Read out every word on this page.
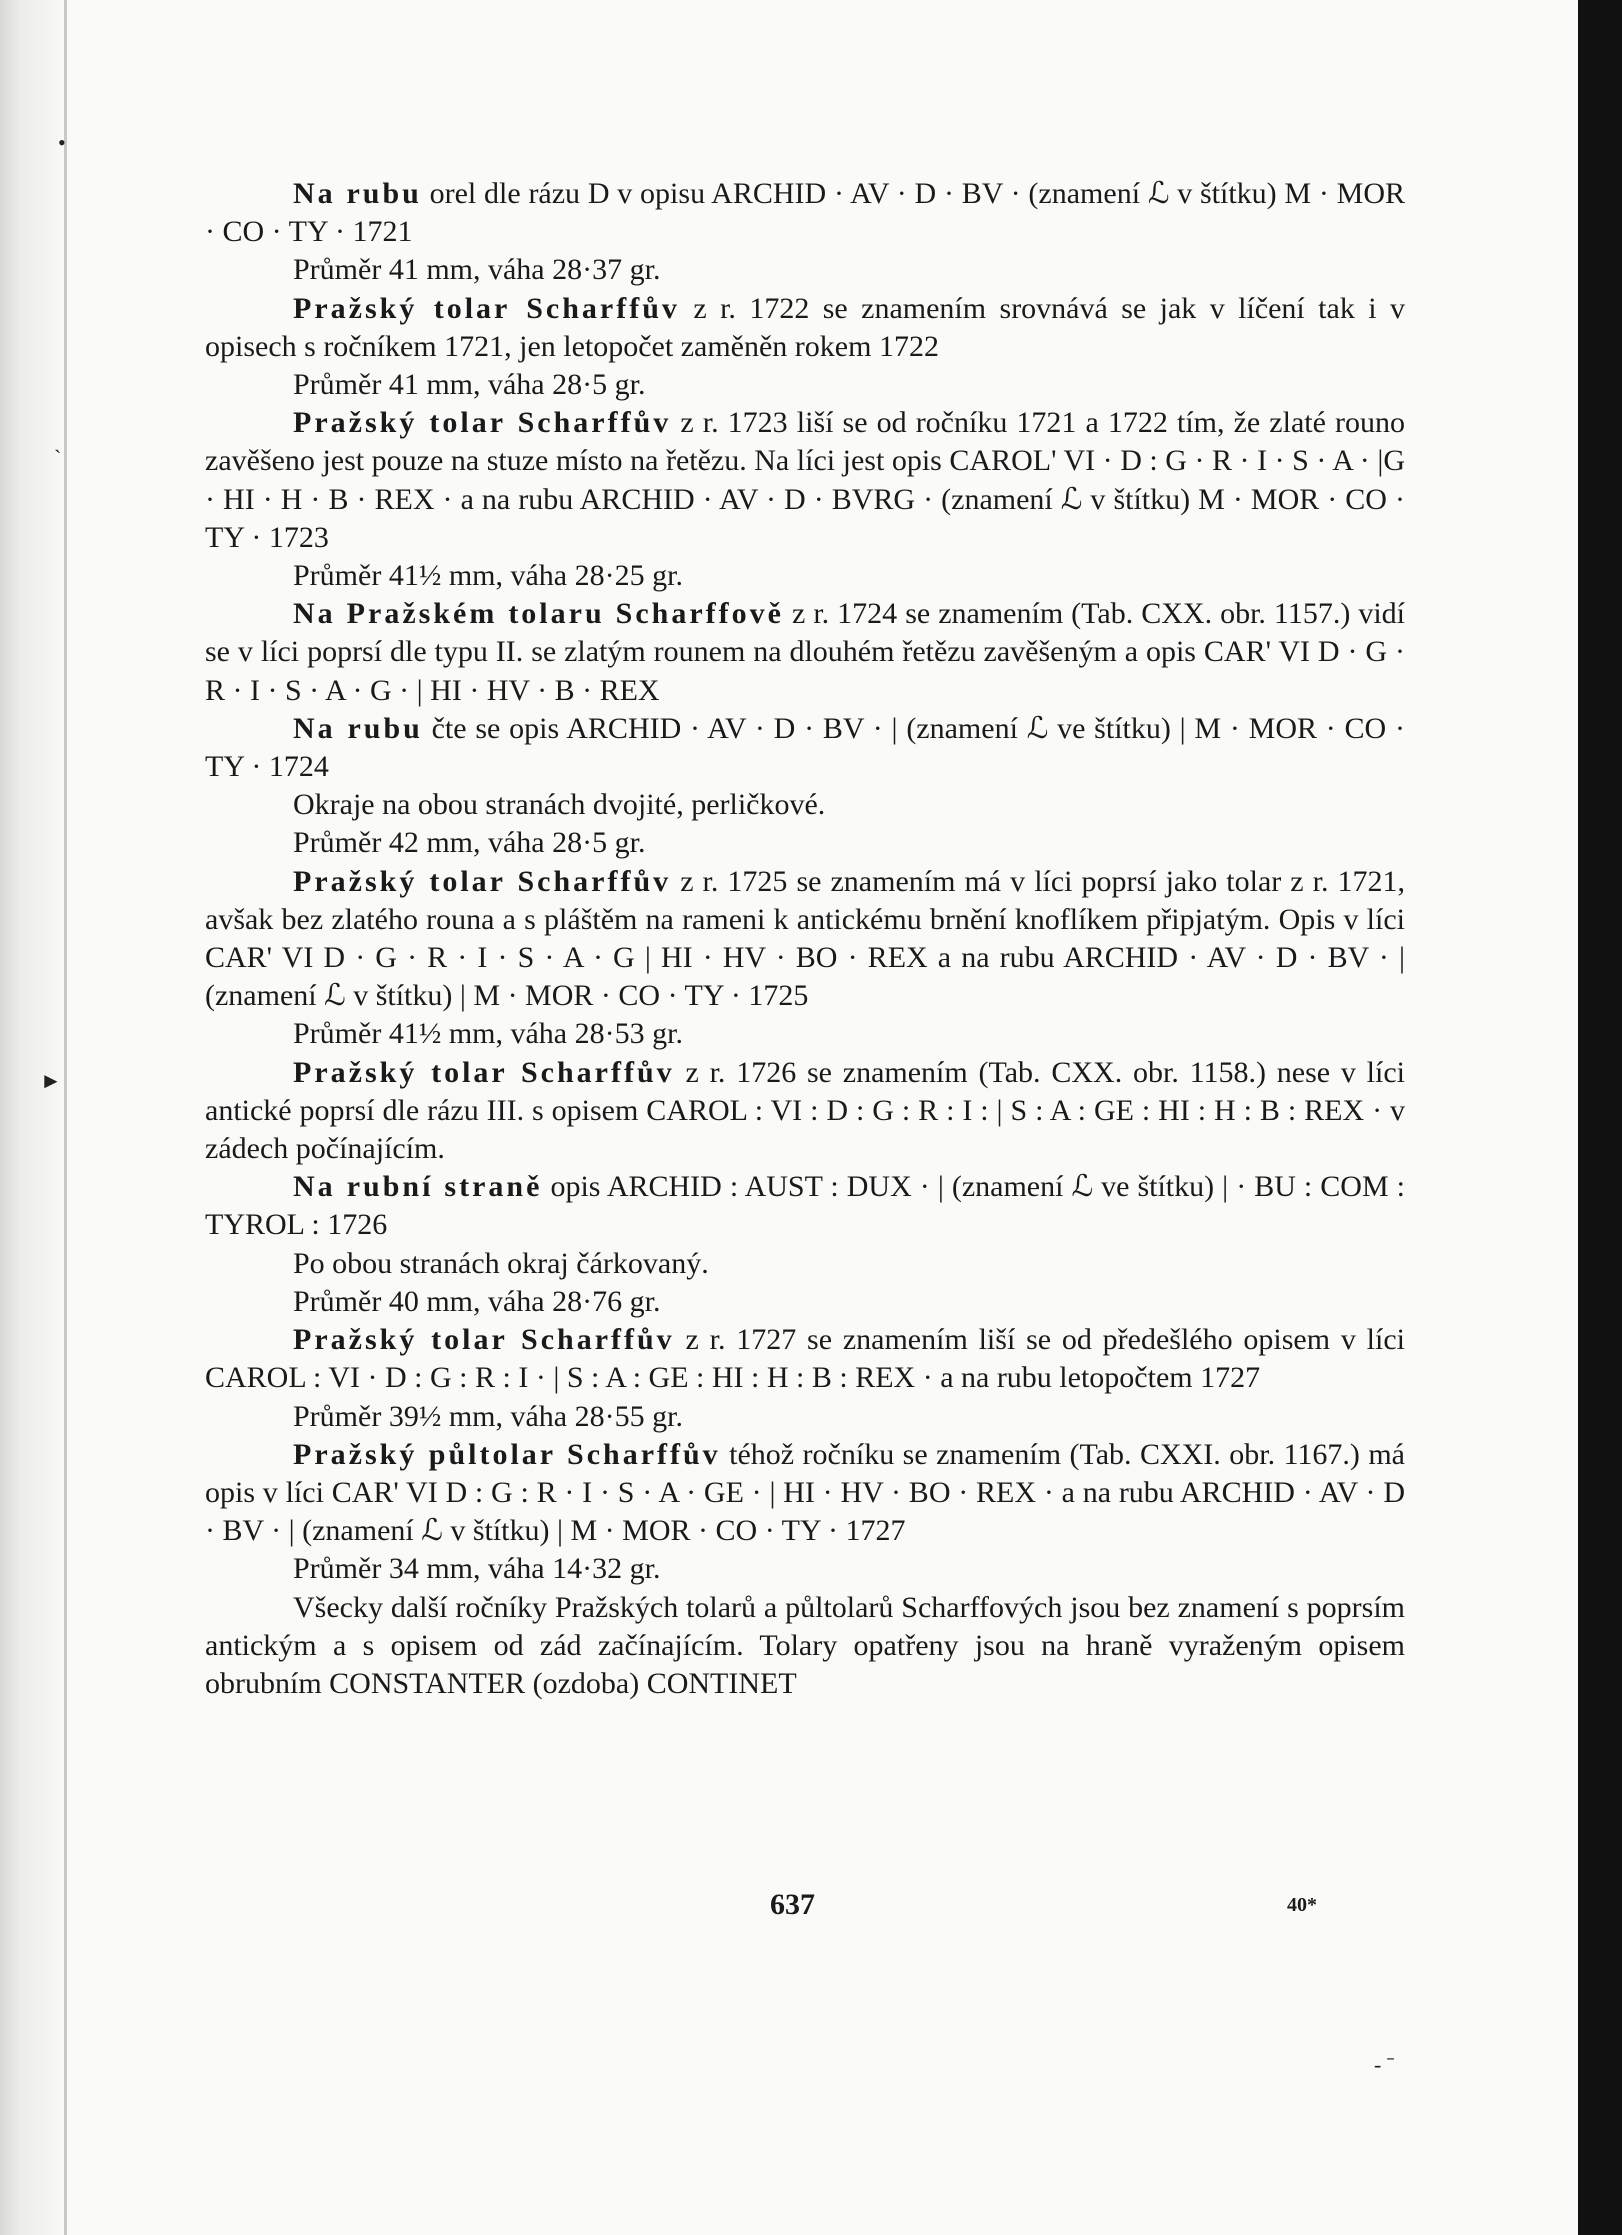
•
ˎ
►
- ˉ

Na rubu orel dle rázu D v opisu ARCHID · AV · D · BV · (znamení ℒ v štítku) M · MOR · CO · TY · 1721

Průměr 41 mm, váha 28·37 gr.

Pražský tolar Scharffův z r. 1722 se znamením srovnává se jak v líčení tak i v opisech s ročníkem 1721, jen letopočet zaměněn rokem 1722

Průměr 41 mm, váha 28·5 gr.

Pražský tolar Scharffův z r. 1723 liší se od ročníku 1721 a 1722 tím, že zlaté rouno zavěšeno jest pouze na stuze místo na řetězu. Na líci jest opis CAROL' VI · D : G · R · I · S · A · |G · HI · H · B · REX · a na rubu ARCHID · AV · D · BVRG · (znamení ℒ v štítku) M · MOR · CO · TY · 1723

Průměr 41½ mm, váha 28·25 gr.

Na Pražském tolaru Scharffově z r. 1724 se znamením (Tab. CXX. obr. 1157.) vidí se v líci poprsí dle typu II. se zlatým rounem na dlouhém řetězu zavěšeným a opis CAR' VI D · G · R · I · S · A · G · | HI · HV · B · REX

Na rubu čte se opis ARCHID · AV · D · BV · | (znamení ℒ ve štítku) | M · MOR · CO · TY · 1724

Okraje na obou stranách dvojité, perličkové.

Průměr 42 mm, váha 28·5 gr.

Pražský tolar Scharffův z r. 1725 se znamením má v líci poprsí jako tolar z r. 1721, avšak bez zlatého rouna a s pláštěm na rameni k antickému brnění knoflíkem připjatým. Opis v líci CAR' VI D · G · R · I · S · A · G | HI · HV · BO · REX a na rubu ARCHID · AV · D · BV · | (znamení ℒ v štítku) | M · MOR · CO · TY · 1725

Průměr 41½ mm, váha 28·53 gr.

Pražský tolar Scharffův z r. 1726 se znamením (Tab. CXX. obr. 1158.) nese v líci antické poprsí dle rázu III. s opisem CAROL : VI : D : G : R : I : | S : A : GE : HI : H : B : REX · v zádech počínajícím.

Na rubní straně opis ARCHID : AUST : DUX · | (znamení ℒ ve štítku) | · BU : COM : TYROL : 1726

Po obou stranách okraj čárkovaný.

Průměr 40 mm, váha 28·76 gr.

Pražský tolar Scharffův z r. 1727 se znamením liší se od předešlého opisem v líci CAROL : VI · D : G : R : I · | S : A : GE : HI : H : B : REX · a na rubu letopočtem 1727

Průměr 39½ mm, váha 28·55 gr.

Pražský půltolar Scharffův téhož ročníku se znamením (Tab. CXXI. obr. 1167.) má opis v líci CAR' VI D : G : R · I · S · A · GE · | HI · HV · BO · REX · a na rubu ARCHID · AV · D · BV · | (znamení ℒ v štítku) | M · MOR · CO · TY · 1727

Průměr 34 mm, váha 14·32 gr.

Všecky další ročníky Pražských tolarů a půltolarů Scharffových jsou bez znamení s poprsím antickým a s opisem od zád začínajícím. Tolary opatřeny jsou na hraně vyraženým opisem obrubním CONSTANTER (ozdoba) CONTINET

637	40*
